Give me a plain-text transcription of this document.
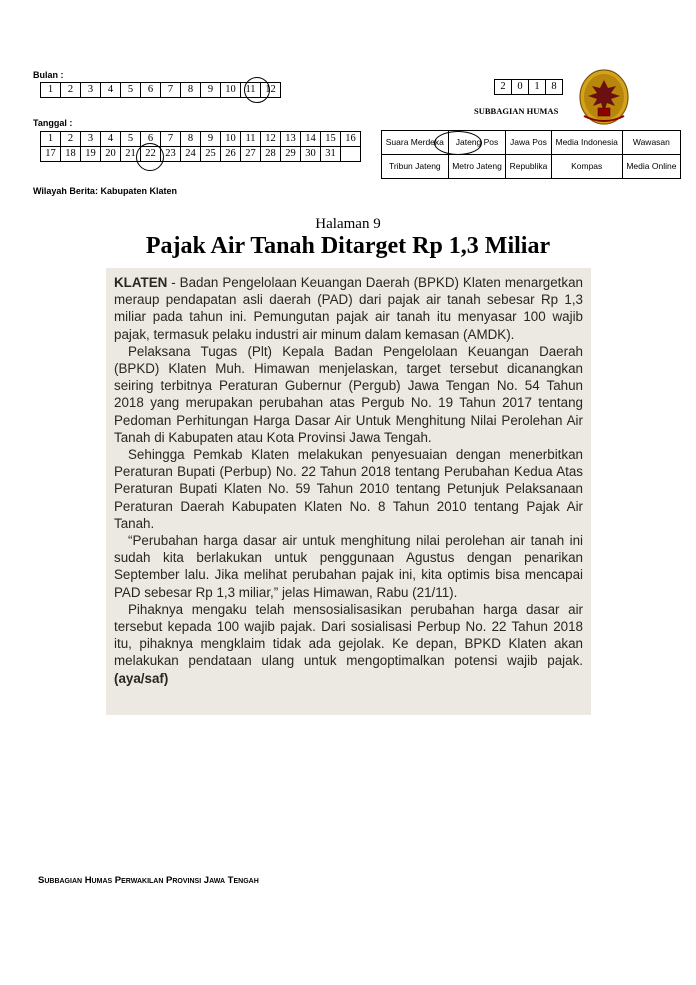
Bulan :
1	2	3	4	5	6	7	8	9	10	11	12
Tanggal :
1	2	3	4	5	6	7	8	9	10	11	12	13	14	15	16
17	18	19	20	21	22	23	24	25	26	27	28	29	30	31	
Wilayah Berita: Kabupaten Klaten
2	0	1	8
SUBBAGIAN HUMAS
Suara Merdeka	Jateng Pos	Jawa Pos	Media Indonesia	Wawasan
Tribun Jateng	Metro Jateng	Republika	Kompas	Media Online
Halaman 9
Pajak Air Tanah Ditarget Rp 1,3 Miliar

KLATEN - Badan Pengelolaan Keuangan Daerah (BPKD) Klaten menargetkan meraup pendapatan asli daerah (PAD) dari pajak air tanah sebesar Rp 1,3 miliar pada tahun ini. Pemungutan pajak air tanah itu menyasar 100 wajib pajak, termasuk pelaku industri air minum dalam kemasan (AMDK).

Pelaksana Tugas (Plt) Kepala Badan Pengelolaan Keuangan Daerah (BPKD) Klaten Muh. Himawan menjelaskan, target tersebut dicanangkan seiring terbitnya Peraturan Gubernur (Pergub) Jawa Tengan No. 54 Tahun 2018 yang merupakan perubahan atas Pergub No. 19 Tahun 2017 tentang Pedoman Perhitungan Harga Dasar Air Untuk Menghitung Nilai Perolehan Air Tanah di Kabupaten atau Kota Provinsi Jawa Tengah.

Sehingga Pemkab Klaten melakukan penyesuaian dengan menerbitkan Peraturan Bupati (Perbup) No. 22 Tahun 2018 tentang Perubahan Kedua Atas Peraturan Bupati Klaten No. 59 Tahun 2010 tentang Petunjuk Pelaksanaan Peraturan Daerah Kabupaten Klaten No. 8 Tahun 2010 tentang Pajak Air Tanah.

“Perubahan harga dasar air untuk menghitung nilai perolehan air tanah ini sudah kita berlakukan untuk penggunaan Agustus dengan penarikan September lalu. Jika melihat perubahan pajak ini, kita optimis bisa mencapai PAD sebesar Rp 1,3 miliar,” jelas Himawan, Rabu (21/11).

Pihaknya mengaku telah mensosialisasikan perubahan harga dasar air tersebut kepada 100 wajib pajak. Dari sosialisasi Perbup No. 22 Tahun 2018 itu, pihaknya mengklaim tidak ada gejolak. Ke depan, BPKD Klaten akan melakukan pendataan ulang untuk mengoptimalkan potensi wajib pajak. (aya/saf)

Subbagian Humas Perwakilan Provinsi Jawa Tengah
